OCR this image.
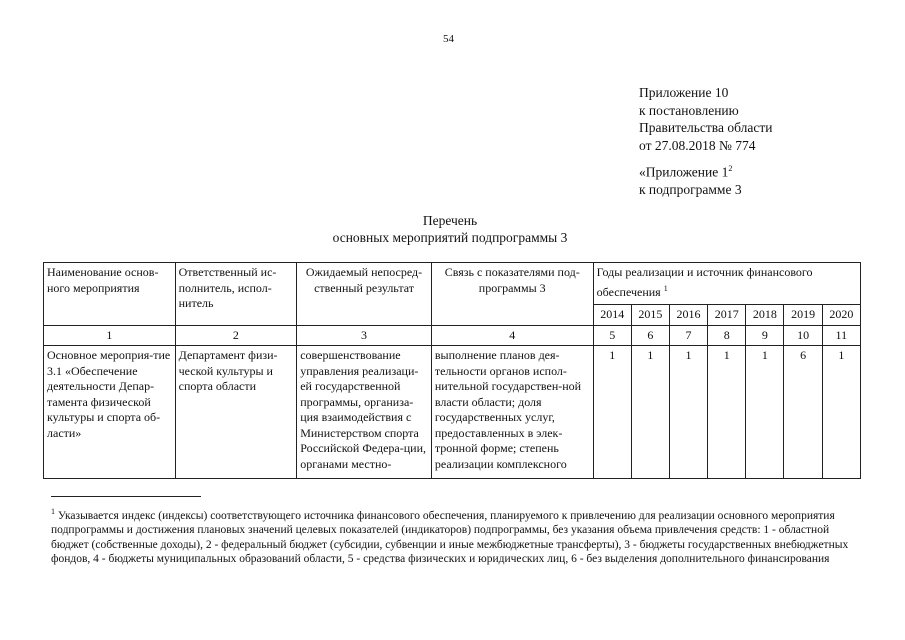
54
Приложение 10
к постановлению
Правительства области
от 27.08.2018 № 774
«Приложение $1^2$
к подпрограмме 3
Перечень
основных мероприятий подпрограммы 3
Наименование основ-ного мероприятия	Ответственный ис-полнитель, испол-нитель	Ожидаемый непосред-ственный результат	Связь с показателями под-программы 3	Годы реализации и источник финансового обеспечения $^1$
				2014	2015	2016	2017	2018	2019	2020
1	2	3	4	5	6	7	8	9	10	11
Основное мероприя-тие 3.1 «Обеспечение деятельности Депар-тамента физической культуры и спорта об-ласти»	Департамент физи-ческой культуры и спорта области	совершенствование управления реализаци-ей государственной программы, организа-ция взаимодействия с Министерством спорта Российской Федера-ции, органами местно-	выполнение планов дея-тельности органов испол-нительной государствен-ной власти области; доля государственных услуг, предоставленных в элек-тронной форме; степень реализации комплексного	1	1	1	1	1	6	1
$^1$ Указывается индекс (индексы) соответствующего источника финансового обеспечения, планируемого к привлечению для реализации основного мероприятия подпрограммы и достижения плановых значений целевых показателей (индикаторов) подпрограммы, без указания объема привлечения средств: 1 - областной бюджет (собственные доходы), 2 - федеральный бюджет (субсидии, субвенции и иные межбюджетные трансферты), 3 - бюджеты государственных внебюджетных фондов, 4 - бюджеты муниципальных образований области, 5 - средства физических и юридических лиц, 6 - без выделения дополнительного финансирования
